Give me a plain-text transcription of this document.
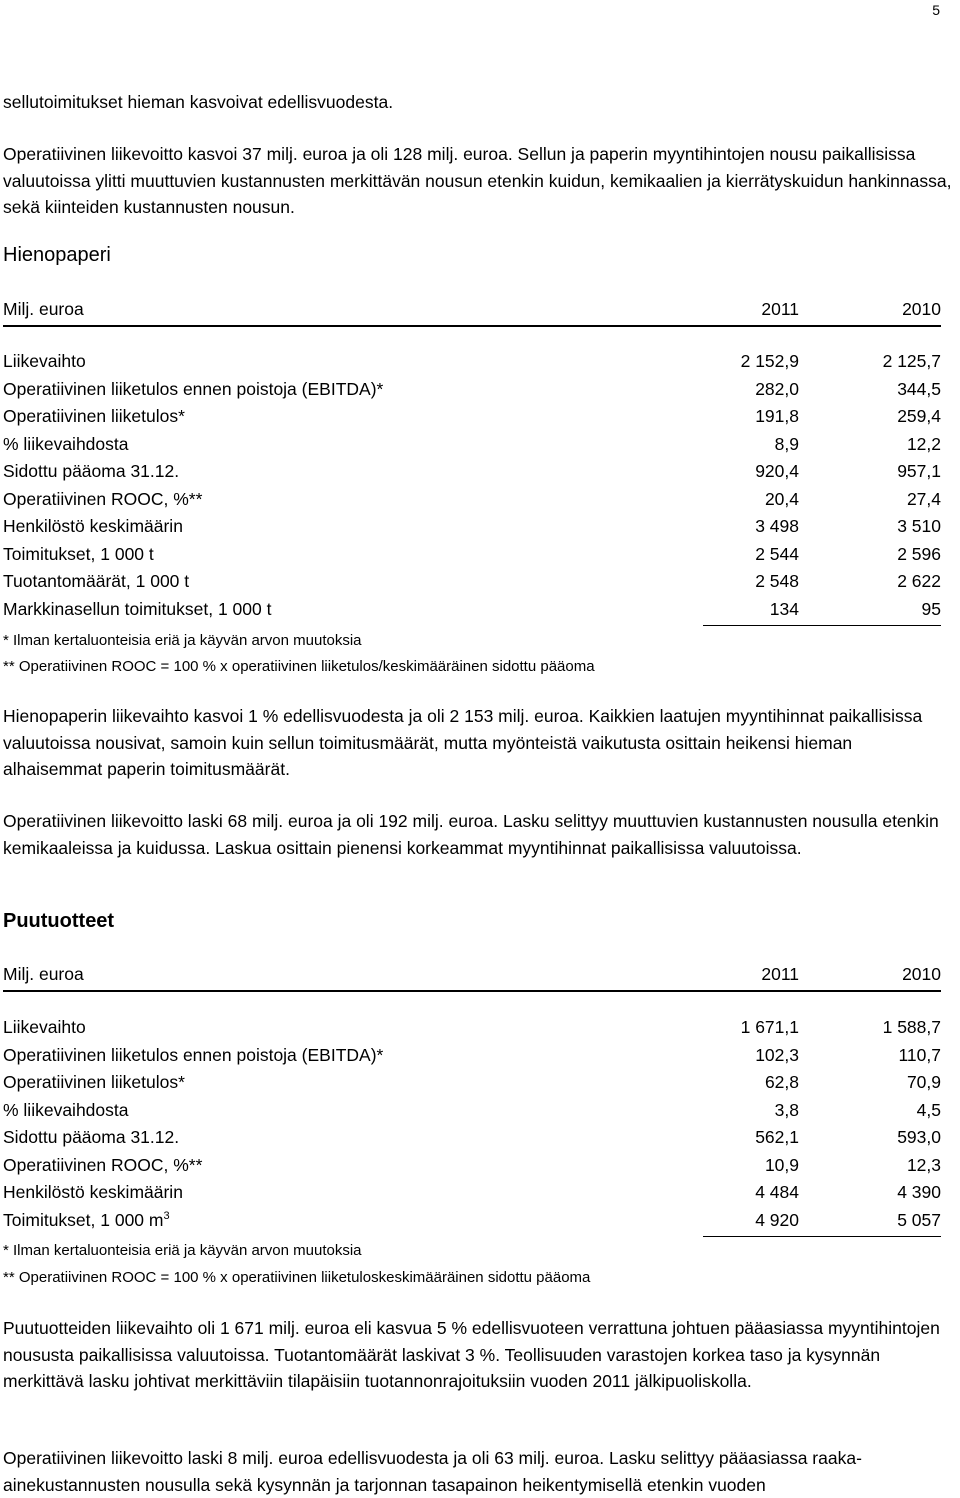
5

sellutoimitukset hieman kasvoivat edellisvuodesta.

Operatiivinen liikevoitto kasvoi 37 milj. euroa ja oli 128 milj. euroa. Sellun ja paperin myyntihintojen nousu paikallisissa valuutoissa ylitti muuttuvien kustannusten merkittävän nousun etenkin kuidun, kemikaalien ja kierrätyskuidun hankinnassa, sekä kiinteiden kustannusten nousun.

Hienopaperi
Milj. euroa	2011	2010
Liikevaihto	2 152,9	2 125,7
Operatiivinen liiketulos ennen poistoja (EBITDA)*	282,0	344,5
Operatiivinen liiketulos*	191,8	259,4
% liikevaihdosta	8,9	12,2
Sidottu pääoma 31.12.	920,4	957,1
Operatiivinen ROOC, %**	20,4	27,4
Henkilöstö keskimäärin	3 498	3 510
Toimitukset, 1 000 t	2 544	2 596
Tuotantomäärät, 1 000 t	2 548	2 622
Markkinasellun toimitukset, 1 000 t	134	95
* Ilman kertaluonteisia eriä ja käyvän arvon muutoksia
** Operatiivinen ROOC = 100 % x operatiivinen liiketulos/keskimääräinen sidottu pääoma

Hienopaperin liikevaihto kasvoi 1 % edellisvuodesta ja oli 2 153 milj. euroa. Kaikkien laatujen myyntihinnat paikallisissa valuutoissa nousivat, samoin kuin sellun toimitusmäärät, mutta myönteistä vaikutusta osittain heikensi hieman alhaisemmat paperin toimitusmäärät.

Operatiivinen liikevoitto laski 68 milj. euroa ja oli 192 milj. euroa. Lasku selittyy muuttuvien kustannusten nousulla etenkin kemikaaleissa ja kuidussa. Laskua osittain pienensi korkeammat myyntihinnat paikallisissa valuutoissa.

Puutuotteet
Milj. euroa	2011	2010
Liikevaihto	1 671,1	1 588,7
Operatiivinen liiketulos ennen poistoja (EBITDA)*	102,3	110,7
Operatiivinen liiketulos*	62,8	70,9
% liikevaihdosta	3,8	4,5
Sidottu pääoma 31.12.	562,1	593,0
Operatiivinen ROOC, %**	10,9	12,3
Henkilöstö keskimäärin	4 484	4 390
Toimitukset, 1 000 $m^3$	4 920	5 057
* Ilman kertaluonteisia eriä ja käyvän arvon muutoksia
** Operatiivinen ROOC = 100 % x operatiivinen liiketuloskeskimääräinen sidottu pääoma

Puutuotteiden liikevaihto oli 1 671 milj. euroa eli kasvua 5 % edellisvuoteen verrattuna johtuen pääasiassa myyntihintojen noususta paikallisissa valuutoissa. Tuotantomäärät laskivat 3 %. Teollisuuden varastojen korkea taso ja kysynnän merkittävä lasku johtivat merkittäviin tilapäisiin tuotannonrajoituksiin vuoden 2011 jälkipuoliskolla.

Operatiivinen liikevoitto laski 8 milj. euroa edellisvuodesta ja oli 63 milj. euroa. Lasku selittyy pääasiassa raaka-ainekustannusten nousulla sekä kysynnän ja tarjonnan tasapainon heikentymisellä etenkin vuoden
